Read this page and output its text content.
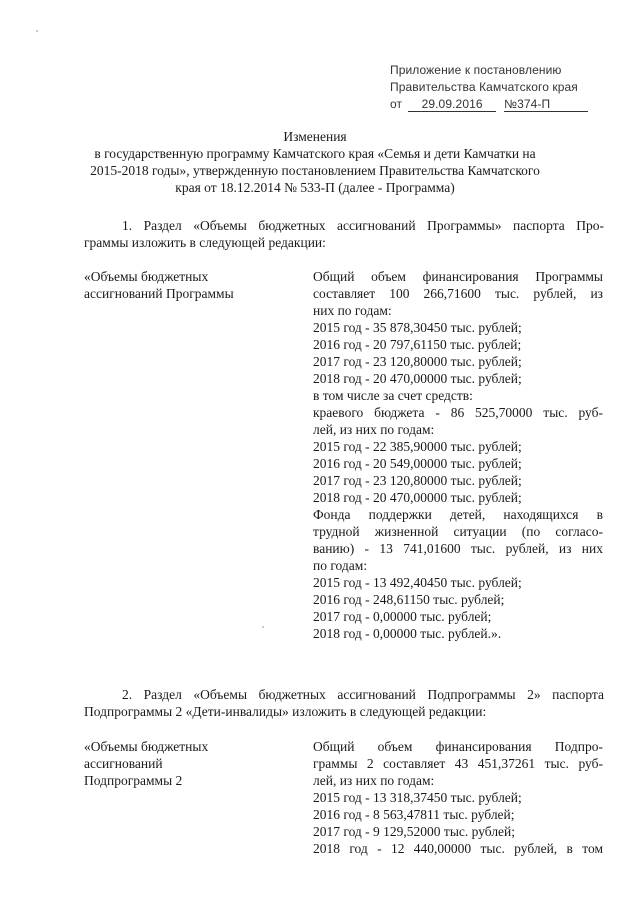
Приложение к постановлению
Правительства Камчатского края
от 29.09.2016 №374-П
Изменения
в государственную программу Камчатского края «Семья и дети Камчатки на
2015-2018 годы», утвержденную постановлением Правительства Камчатского
края от 18.12.2014 № 533-П (далее - Программа)
1. Раздел «Объемы бюджетных ассигнований Программы» паспорта Про-
граммы изложить в следующей редакции:
«Объемы бюджетных
ассигнований Программы
Общий объем финансирования Программы
составляет 100 266,71600 тыс. рублей, из
них по годам:
2015 год - 35 878,30450 тыс. рублей;
2016 год - 20 797,61150 тыс. рублей;
2017 год - 23 120,80000 тыс. рублей;
2018 год - 20 470,00000 тыс. рублей;
в том числе за счет средств:
краевого бюджета - 86 525,70000 тыс. руб-
лей, из них по годам:
2015 год - 22 385,90000 тыс. рублей;
2016 год - 20 549,00000 тыс. рублей;
2017 год - 23 120,80000 тыс. рублей;
2018 год - 20 470,00000 тыс. рублей;
Фонда поддержки детей, находящихся в
трудной жизненной ситуации (по согласо-
ванию) - 13 741,01600 тыс. рублей, из них
по годам:
2015 год - 13 492,40450 тыс. рублей;
2016 год - 248,61150 тыс. рублей;
2017 год - 0,00000 тыс. рублей;
2018 год - 0,00000 тыс. рублей.».
2. Раздел «Объемы бюджетных ассигнований Подпрограммы 2» паспорта
Подпрограммы 2 «Дети-инвалиды» изложить в следующей редакции:
«Объемы бюджетных
ассигнований
Подпрограммы 2
Общий объем финансирования Подпро-
граммы 2 составляет 43 451,37261 тыс. руб-
лей, из них по годам:
2015 год - 13 318,37450 тыс. рублей;
2016 год - 8 563,47811 тыс. рублей;
2017 год - 9 129,52000 тыс. рублей;
2018 год - 12 440,00000 тыс. рублей, в том
